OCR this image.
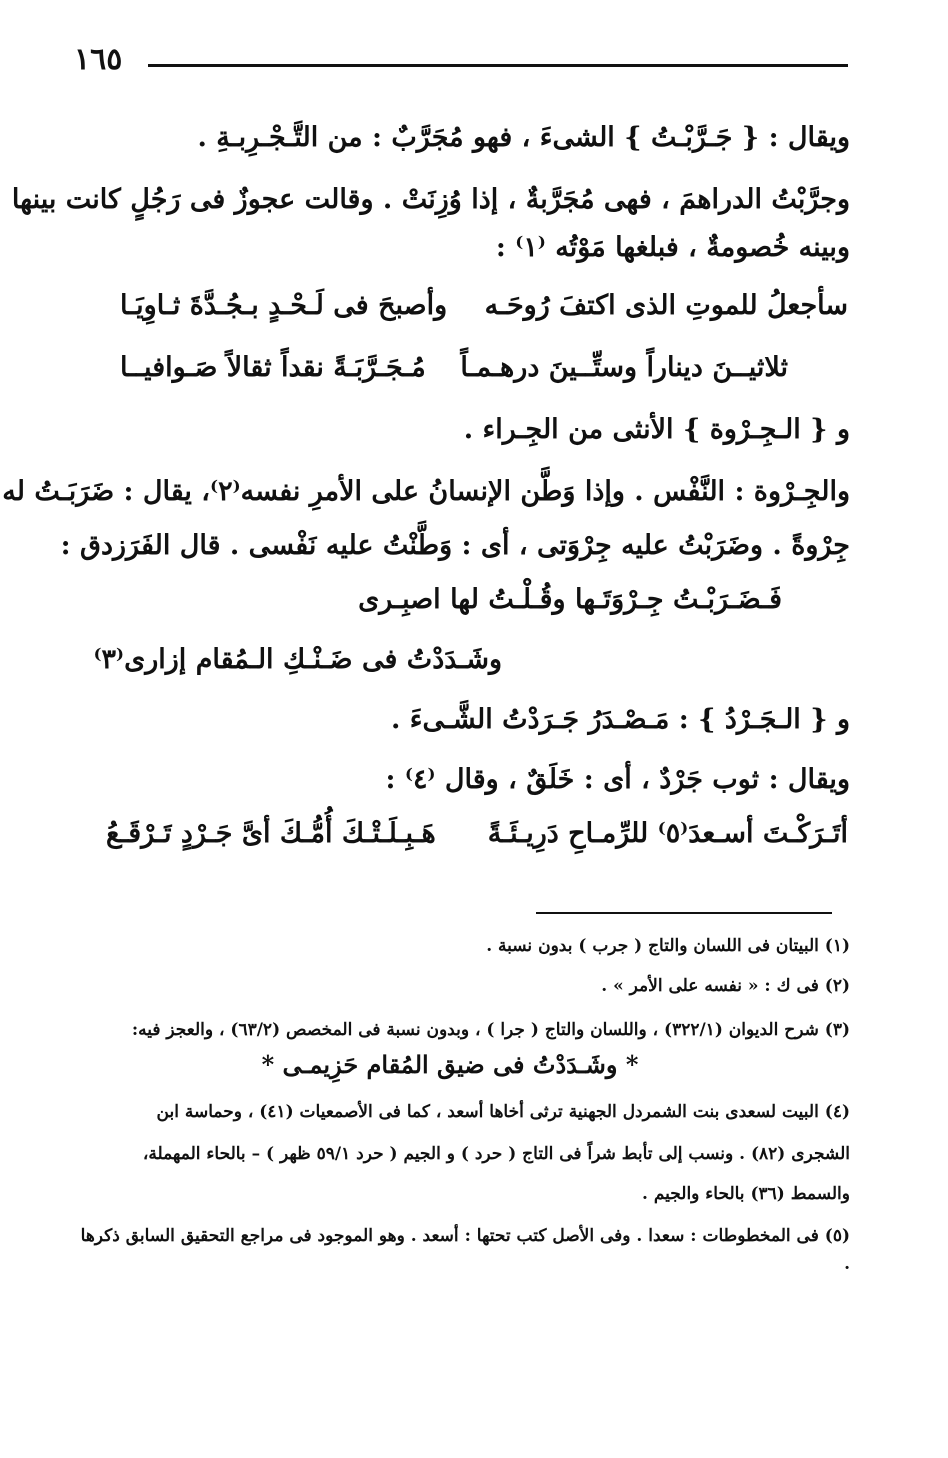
١٦٥
ويقال : { جَـرَّبْـتُ } الشىءَ ، فهو مُجَرَّبٌ : من التَّـجْـرِبـةِ .
وجرَّبْتُ الدراهمَ ، فهى مُجَرَّبةٌ ، إذا وُزِنَتْ . وقالت عجوزٌ فى رَجُلٍ كانت بينها
وبينه خُصومةٌ ، فبلغها مَوْتُه ⁽١⁾ :
سأجعلُ للموتِ الذى اكتفَ رُوحَـه
وأصبحَ فى لَـحْـدٍ بـجُـدَّةَ ثـاوِيَـا
ثلاثيــنَ ديناراً وستِّــينَ درهـمـاً
مُـجَـرَّبَـةً نقداً ثقالاً صَـوافيــا
و { الـجِـرْوة } الأنثى من الجِـراء .
والجِـرْوة : النَّفْس . وإذا وَطَّن الإنسانُ على الأمرِ نفسه⁽٢⁾، يقال : ضَرَبَـتُ له
جِرْوةً . وضَرَبْتُ عليه جِرْوَتى ، أى : وَطَّنْتُ عليه نَفْسى . قال الفَرَزدق :
فَـضَـرَبْـتُ جِـرْوَتَـها وقُـلْـتُ لها اصبِـرى
وشَـدَدْتُ فى ضَـنْـكِ الـمُقام إزارى⁽٣⁾
و { الـجَـرْدُ } : مَـصْـدَرُ جَـرَدْتُ الشَّـىءَ .
ويقال : ثوب جَرْدٌ ، أى : خَلَقٌ ، وقال ⁽٤⁾ :
أتَـرَكْـتَ أسـعدَ⁽٥⁾ للرِّمـاحِ دَرِيـئَـةً
هَـبِـلَـتْـكَ أُمُّـكَ أىَّ جَـرْدٍ تَـرْقَـعُ
(١) البيتان فى اللسان والتاج ( جرب ) بدون نسبة .
(٢) فى ك : « نفسه على الأمر » .
(٣) شرح الديوان (٣٢٢/١) ، واللسان والتاج ( جرا ) ، وبدون نسبة فى المخصص (٦٣/٢) ، والعجز فيه:
* وشَـدَدْتُ فى ضيق المُقام حَزِيمـى *
(٤) البيت لسعدى بنت الشمردل الجهنية ترثى أخاها أسعد ، كما فى الأصمعيات (٤١) ، وحماسة ابن
الشجرى (٨٢) . ونسب إلى تأبط شراً فى التاج ( حرد ) و الجيم ( حرد ٥٩/١ ظهر ) – بالحاء المهملة،
والسمط (٣٦) بالحاء والجيم .
(٥) فى المخطوطات : سعدا . وفى الأصل كتب تحتها : أسعد . وهو الموجود فى مراجع التحقيق السابق ذكرها .
